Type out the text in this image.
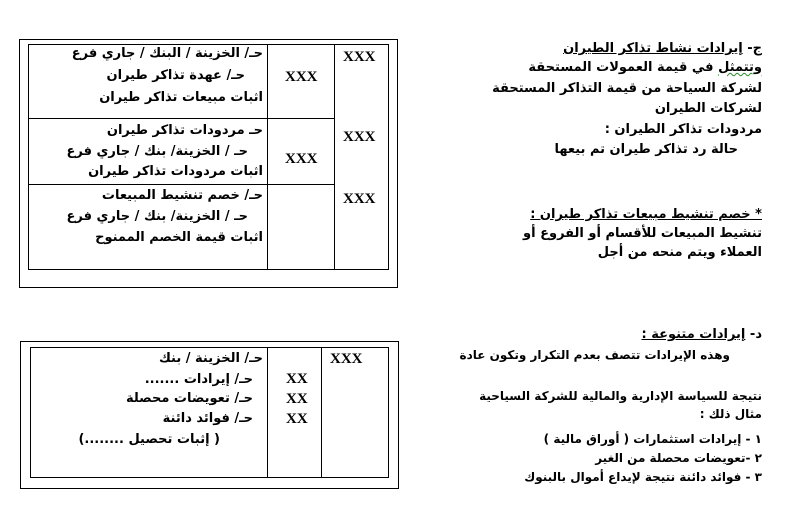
XXX
XXX
حـ/ الخزينة / البنك / جاري فرع
حـ/ عهدة تذاكر طيران
اثبات مبيعات تذاكر طيران
XXX
XXX
حـ مردودات تذاكر طيران
حـ / الخزينة/ بنك / جاري فرع
اثبات مردودات تذاكر طيران
XXX
حـ/ خصم تنشيط المبيعات
حـ / الخزينة/ بنك / جاري فرع
اثبات قيمة الخصم الممنوح
ج- إيرادات نشاط تذاكر الطيران
وتتمثل في قيمة العمولات المستحقة
لشركة السياحة من قيمة التذاكر المستحقة
لشركات الطيران
مردودات تذاكر الطيران :
حالة رد تذاكر طيران تم بيعها
* خصم تنشيط مبيعات تذاكر طيران :
تنشيط المبيعات للأقسام أو الفروع أو
العملاء ويتم منحه من أجل
XXX
XX
XX
XX
حـ/ الخزينة / بنك
حـ/ إيرادات .......
حـ/ تعويضات محصلة
حـ/ فوائد دائنة
( إثبات تحصيل ........)
د- إيرادات متنوعة :
وهذه الإيرادات تتصف بعدم التكرار وتكون عادة
نتيجة للسياسة الإدارية والمالية للشركة السياحية
مثال ذلك :
١ - إيرادات استثمارات ( أوراق مالية )
٢ -تعويضات محصلة من الغير
٣ - فوائد دائنة نتيجة لإيداع أموال بالبنوك
